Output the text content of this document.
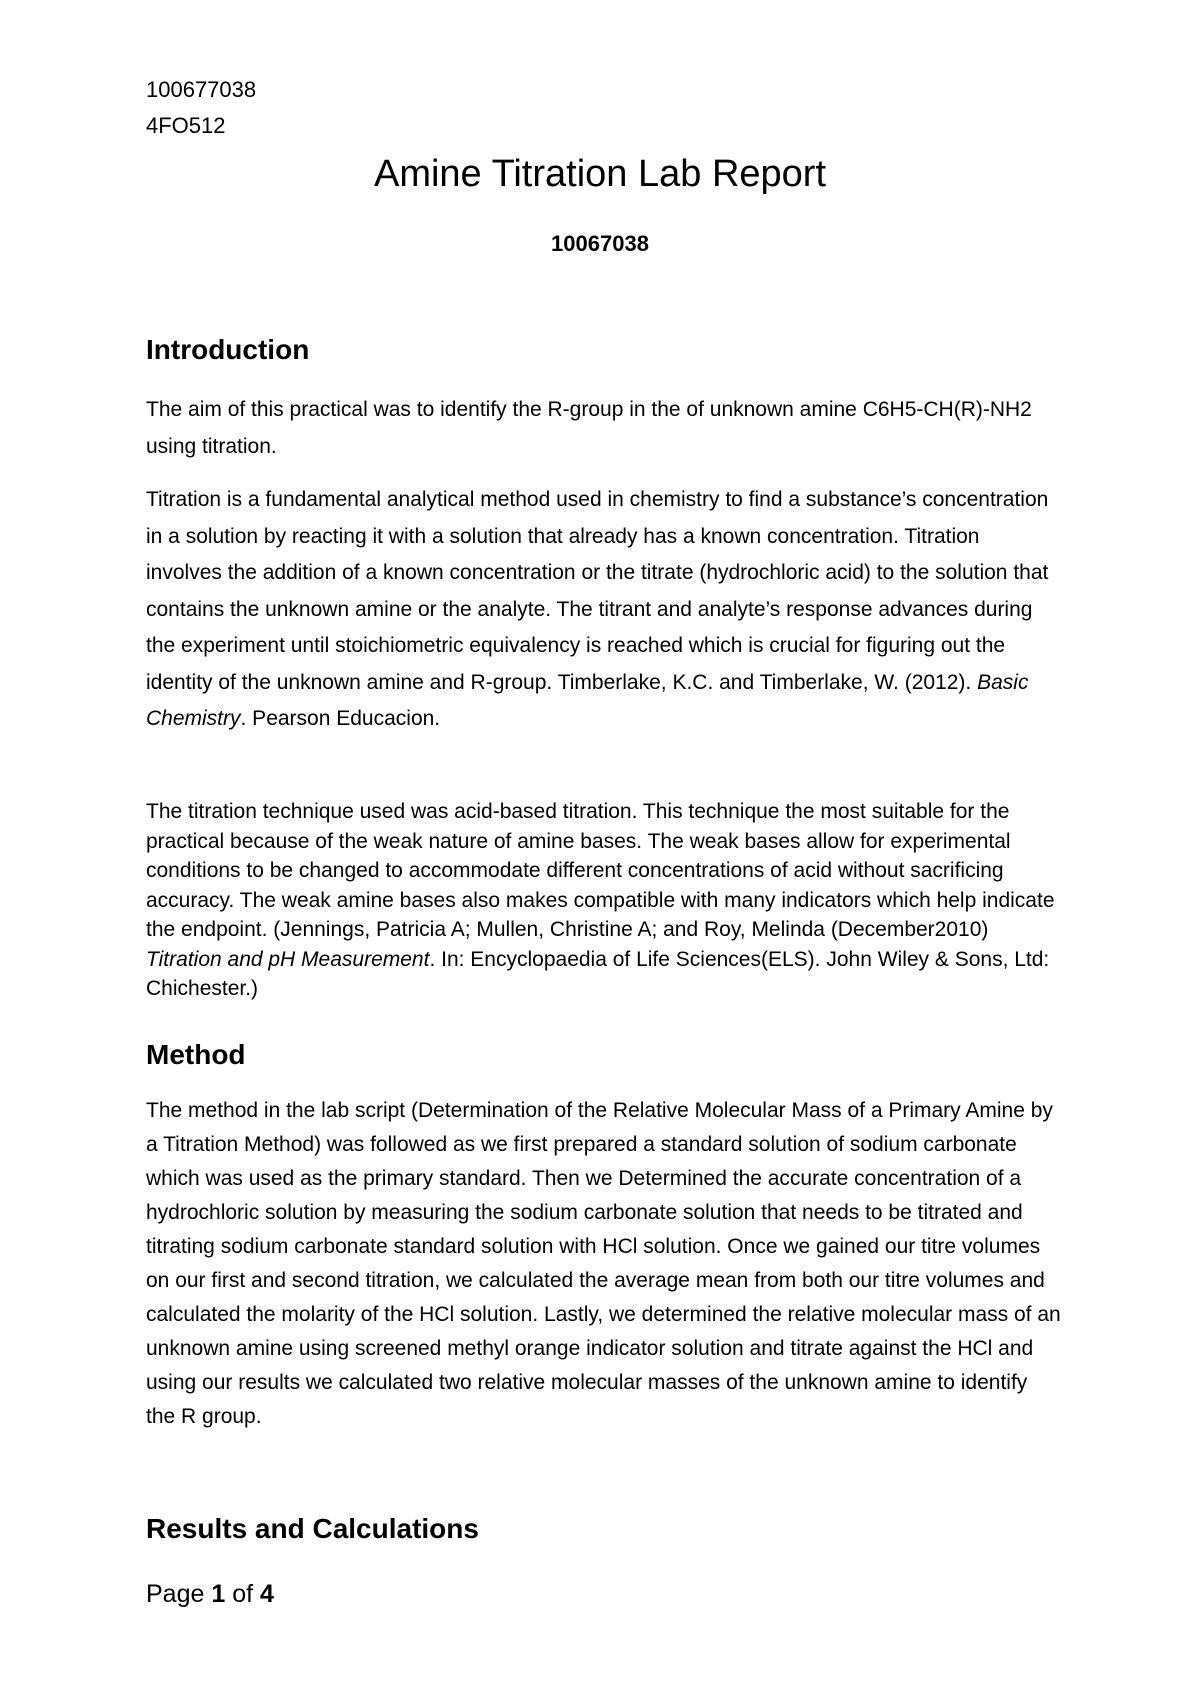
100677038
4FO512
Amine Titration Lab Report
10067038
Introduction

The aim of this practical was to identify the R-group in the of unknown amine C6H5-CH(R)-NH2 using titration.

Titration is a fundamental analytical method used in chemistry to find a substance’s concentration in a solution by reacting it with a solution that already has a known concentration. Titration involves the addition of a known concentration or the titrate (hydrochloric acid) to the solution that contains the unknown amine or the analyte. The titrant and analyte’s response advances during the experiment until stoichiometric equivalency is reached which is crucial for figuring out the identity of the unknown amine and R-group. Timberlake, K.C. and Timberlake, W. (2012). Basic Chemistry. Pearson Educacion.

The titration technique used was acid-based titration. This technique the most suitable for the practical because of the weak nature of amine bases. The weak bases allow for experimental conditions to be changed to accommodate different concentrations of acid without sacrificing accuracy. The weak amine bases also makes compatible with many indicators which help indicate the endpoint. (Jennings, Patricia A; Mullen, Christine A; and Roy, Melinda (December2010) Titration and pH Measurement. In: Encyclopaedia of Life Sciences(ELS). John Wiley & Sons, Ltd: Chichester.)

Method

The method in the lab script (Determination of the Relative Molecular Mass of a Primary Amine by a Titration Method) was followed as we first prepared a standard solution of sodium carbonate which was used as the primary standard. Then we Determined the accurate concentration of a hydrochloric solution by measuring the sodium carbonate solution that needs to be titrated and titrating sodium carbonate standard solution with HCl solution. Once we gained our titre volumes on our first and second titration, we calculated the average mean from both our titre volumes and calculated the molarity of the HCl solution. Lastly, we determined the relative molecular mass of an unknown amine using screened methyl orange indicator solution and titrate against the HCl and using our results we calculated two relative molecular masses of the unknown amine to identify the R group.

Results and Calculations
Page 1 of 4
